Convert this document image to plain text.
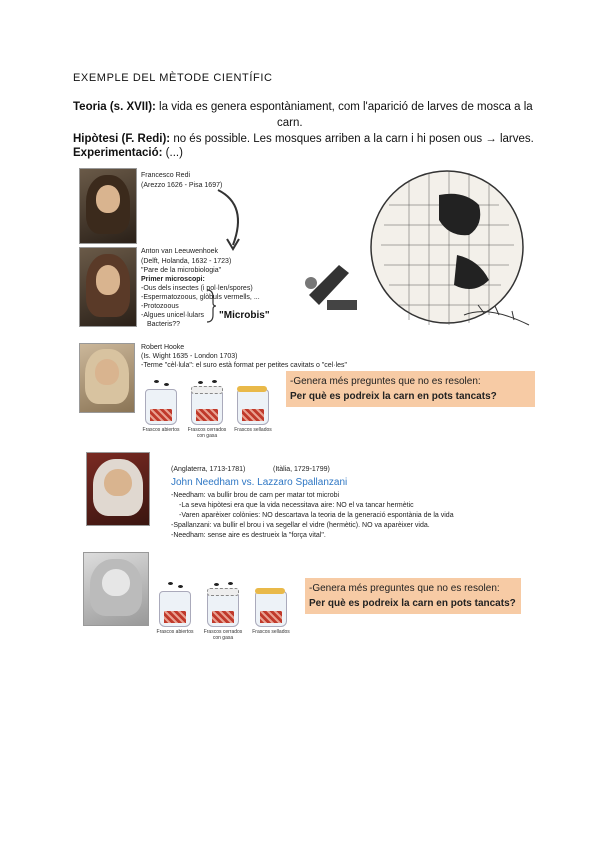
EXEMPLE DEL MÈTODE CIENTÍFIC
Teoria (s. XVII): la vida es genera espontàniament, com l'aparició de larves de mosca a la
carn.
Hipòtesi (F. Redi): no és possible. Les mosques arriben a la carn i hi posen ous → larves.
Experimentació: (...)
Francesco Redi
(Arezzo 1626 - Pisa 1697)
Anton van Leeuwenhoek
(Delft, Holanda, 1632 - 1723)
"Pare de la microbiologia"
Primer microscopi:
-Ous dels insectes (i pol·len/spores)
-Espermatozoous, glòbuls vermells, ...
-Protozoous
-Algues unicel·lulars
Bacteris??
"Microbis"
Robert Hooke
(Is. Wight 1635 - London 1703)
-Terme "cèl·lula": el suro està format per petites cavitats o "cel·les"
Frascos abiertos	Frascos cerrados con gasa
Frascos sellados
-Genera més preguntes que no es resolen:
Per què es podreix la carn en pots tancats?
(Anglaterra, 1713-1781)	(Itàlia, 1729-1799)
John Needham vs. Lazzaro Spallanzani
-Needham: va bullir brou de carn per matar tot microbi
-La seva hipòtesi era que la vida necessitava aire: NO el va tancar hermètic
-Varen aparèixer colònies: NO descartava la teoria de la generació espontània de la vida
-Spallanzani: va bullir el brou i va segellar el vidre (hermètic). NO va aparèixer vida.
-Needham: sense aire es destrueix la "força vital".
Frascos abiertos	Frascos cerrados con gasa
Frascos sellados
-Genera més preguntes que no es resolen:
Per què es podreix la carn en pots tancats?
